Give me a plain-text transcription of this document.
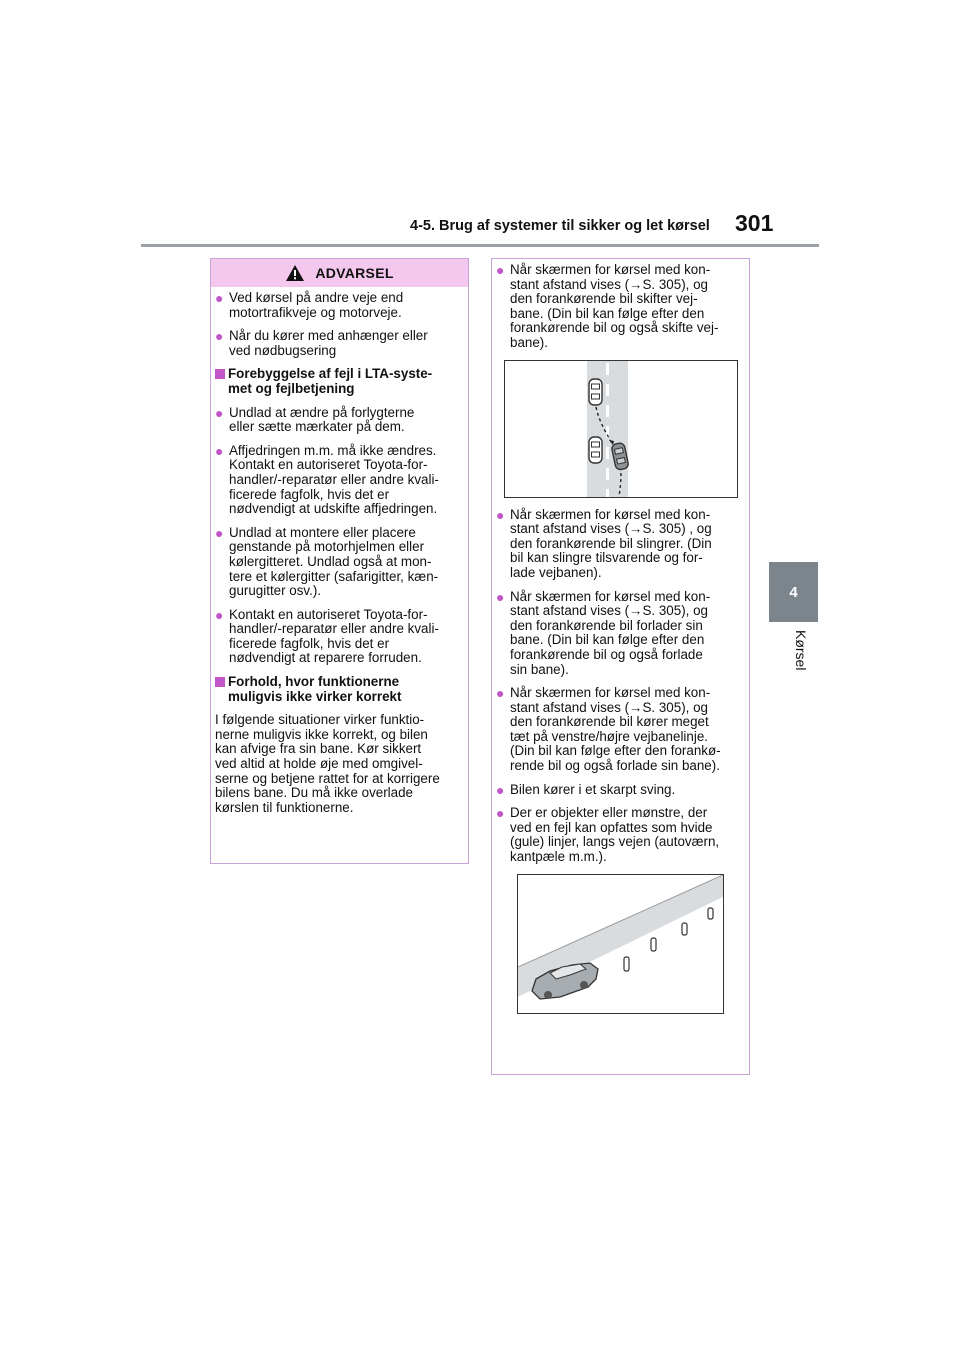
4-5. Brug af systemer til sikker og let kørsel 301
4
Kørsel
ADVARSEL
● Ved kørsel på andre veje end
motortrafikveje og motorveje.
● Når du kører med anhænger eller
ved nødbugsering
Forebyggelse af fejl i LTA-syste-
met og fejlbetjening
● Undlad at ændre på forlygterne
eller sætte mærkater på dem.
● Affjedringen m.m. må ikke ændres.
Kontakt en autoriseret Toyota-for-
handler/-reparatør eller andre kvali-
ficerede fagfolk, hvis det er
nødvendigt at udskifte affjedringen.
● Undlad at montere eller placere
genstande på motorhjelmen eller
kølergitteret. Undlad også at mon-
tere et kølergitter (safarigitter, kæn-
gurugitter osv.).
● Kontakt en autoriseret Toyota-for-
handler/-reparatør eller andre kvali-
ficerede fagfolk, hvis det er
nødvendigt at reparere forruden.
Forhold, hvor funktionerne
muligvis ikke virker korrekt
I følgende situationer virker funktio-
nerne muligvis ikke korrekt, og bilen
kan afvige fra sin bane. Kør sikkert
ved altid at holde øje med omgivel-
serne og betjene rattet for at korrigere
bilens bane. Du må ikke overlade
kørslen til funktionerne.
● Når skærmen for kørsel med kon-
stant afstand vises (→S. 305), og
den forankørende bil skifter vej-
bane. (Din bil kan følge efter den
forankørende bil og også skifte vej-
bane).
● Når skærmen for kørsel med kon-
stant afstand vises (→S. 305) , og
den forankørende bil slingrer. (Din
bil kan slingre tilsvarende og for-
lade vejbanen).
● Når skærmen for kørsel med kon-
stant afstand vises (→S. 305), og
den forankørende bil forlader sin
bane. (Din bil kan følge efter den
forankørende bil og også forlade
sin bane).
● Når skærmen for kørsel med kon-
stant afstand vises (→S. 305), og
den forankørende bil kører meget
tæt på venstre/højre vejbanelinje.
(Din bil kan følge efter den forankø-
rende bil og også forlade sin bane).
● Bilen kører i et skarpt sving.
● Der er objekter eller mønstre, der
ved en fejl kan opfattes som hvide
(gule) linjer, langs vejen (autoværn,
kantpæle m.m.).
